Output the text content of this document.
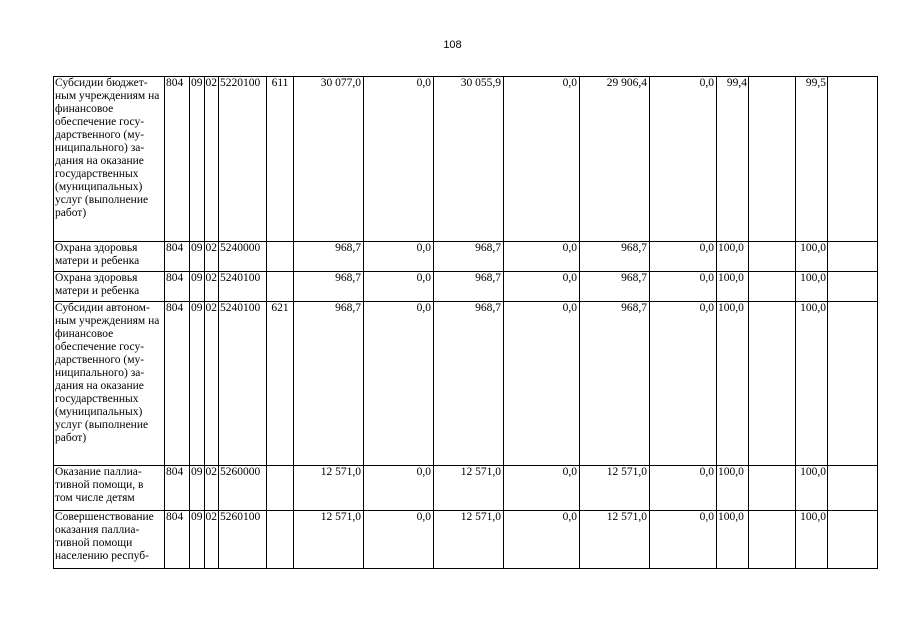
108
Субсидии бюджет-ным учреждениям на финансовое обеспечение госу-дарственного (му-ниципального) за-дания на оказание государственных (муниципальных) услуг (выполнение работ)	804	09	02	5220100	611	30 077,0	0,0	30 055,9	0,0	29 906,4	0,0	99,4		99,5	
Охрана здоровья матери и ребенка	804	09	02	5240000		968,7	0,0	968,7	0,0	968,7	0,0	100,0		100,0	
Охрана здоровья матери и ребенка	804	09	02	5240100		968,7	0,0	968,7	0,0	968,7	0,0	100,0		100,0	
Субсидии автоном-ным учреждениям на финансовое обеспечение госу-дарственного (му-ниципального) за-дания на оказание государственных (муниципальных) услуг (выполнение работ)	804	09	02	5240100	621	968,7	0,0	968,7	0,0	968,7	0,0	100,0		100,0	
Оказание паллиа-тивной помощи, в том числе детям	804	09	02	5260000		12 571,0	0,0	12 571,0	0,0	12 571,0	0,0	100,0		100,0	
Совершенствование оказания паллиа-тивной помощи населению респуб-	804	09	02	5260100		12 571,0	0,0	12 571,0	0,0	12 571,0	0,0	100,0		100,0	
